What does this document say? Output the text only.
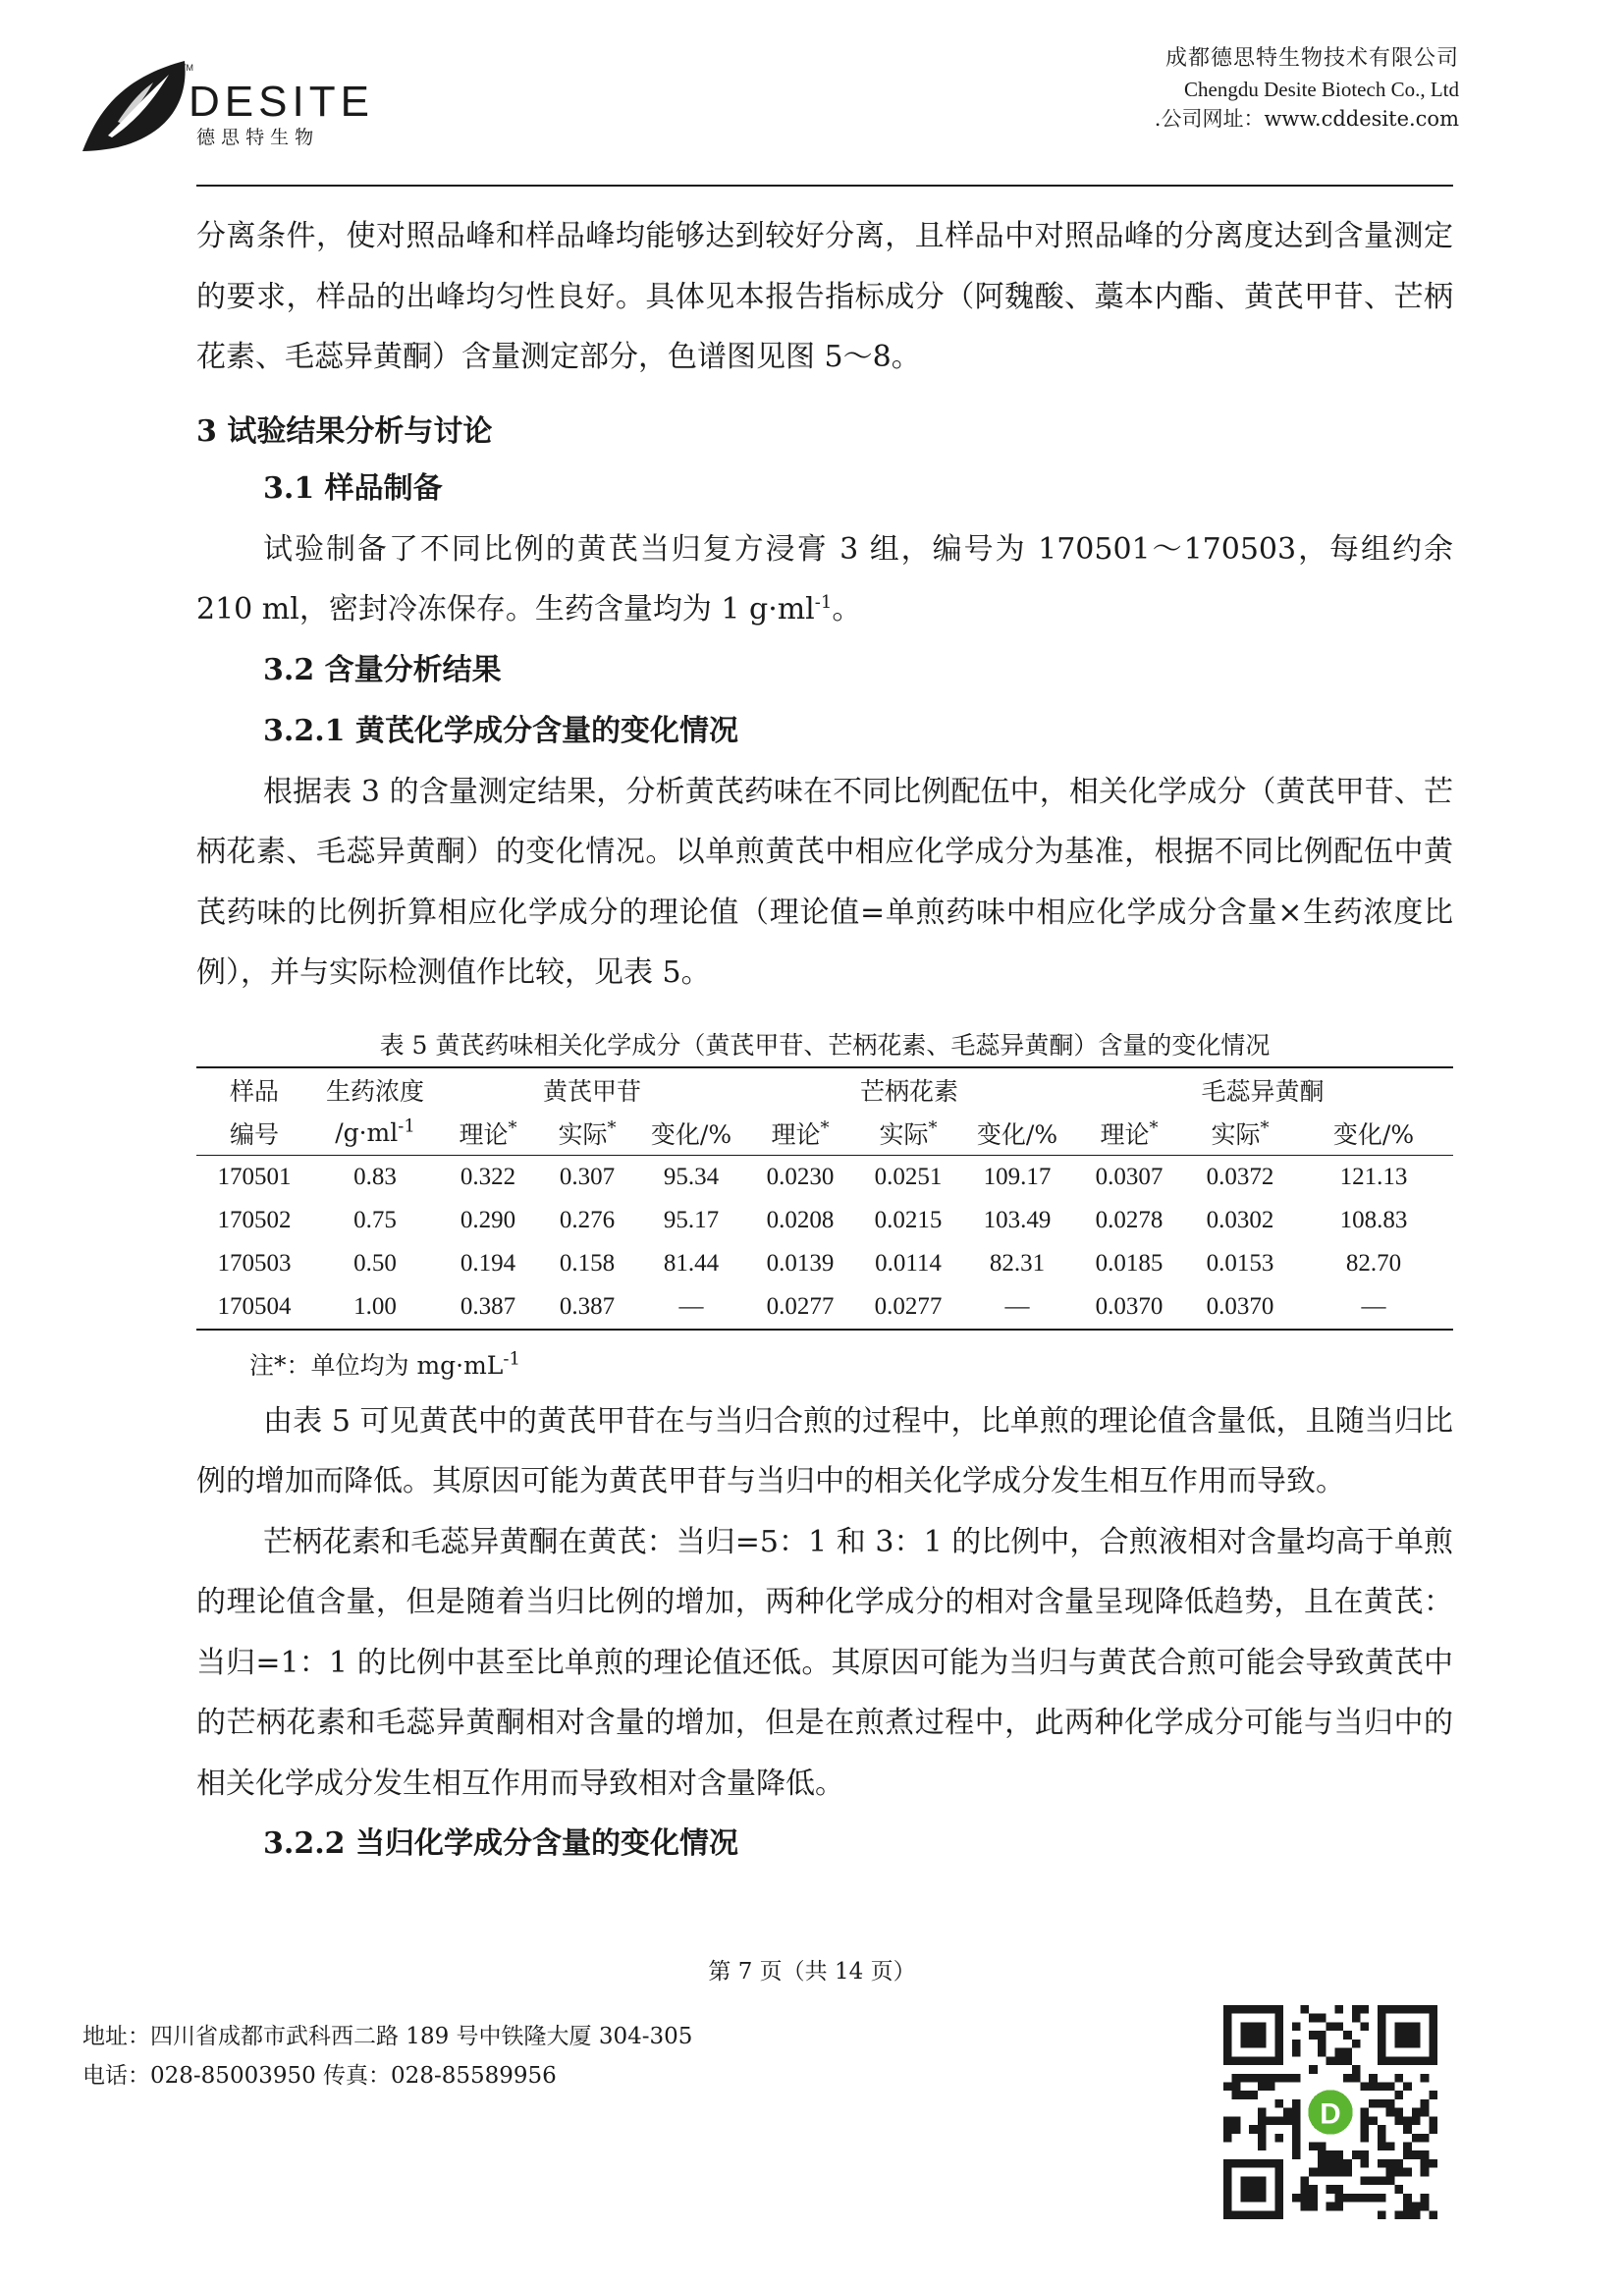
DESITE
TM
德 思 特 生 物
成都德思特生物技术有限公司
Chengdu Desite Biotech Co., Ltd
.公司网址：www.cddesite.com

分离条件，使对照品峰和样品峰均能够达到较好分离，且样品中对照品峰的分离度达到含量测定的要求，样品的出峰均匀性良好。具体见本报告指标成分（阿魏酸、藁本内酯、黄芪甲苷、芒柄花素、毛蕊异黄酮）含量测定部分，色谱图见图 5～8。

3 试验结果分析与讨论
3.1 样品制备

试验制备了不同比例的黄芪当归复方浸膏 3 组，编号为 170501～170503，每组约余 210 ml，密封冷冻保存。生药含量均为 1 $g\cdot ml^{-1}$。

3.2 含量分析结果
3.2.1 黄芪化学成分含量的变化情况

根据表 3 的含量测定结果，分析黄芪药味在不同比例配伍中，相关化学成分（黄芪甲苷、芒柄花素、毛蕊异黄酮）的变化情况。以单煎黄芪中相应化学成分为基准，根据不同比例配伍中黄芪药味的比例折算相应化学成分的理论值（理论值=单煎药味中相应化学成分含量×生药浓度比例），并与实际检测值作比较，见表 5。

表 5 黄芪药味相关化学成分（黄芪甲苷、芒柄花素、毛蕊异黄酮）含量的变化情况
样品	生药浓度	黄芪甲苷			芒柄花素			毛蕊异黄酮		
编号	$/g\cdot ml^{-1}$	理论*	实际*	变化/%	理论*	实际*	变化/%	理论*	实际*	变化/%
170501	0.83	0.322	0.307	95.34	0.0230	0.0251	109.17	0.0307	0.0372	121.13
170502	0.75	0.290	0.276	95.17	0.0208	0.0215	103.49	0.0278	0.0302	108.83
170503	0.50	0.194	0.158	81.44	0.0139	0.0114	82.31	0.0185	0.0153	82.70
170504	1.00	0.387	0.387	—	0.0277	0.0277	—	0.0370	0.0370	—
注*：单位均为 $mg\cdot mL^{-1}$

由表 5 可见黄芪中的黄芪甲苷在与当归合煎的过程中，比单煎的理论值含量低，且随当归比例的增加而降低。其原因可能为黄芪甲苷与当归中的相关化学成分发生相互作用而导致。

芒柄花素和毛蕊异黄酮在黄芪：当归=5：1 和 3：1 的比例中，合煎液相对含量均高于单煎的理论值含量，但是随着当归比例的增加，两种化学成分的相对含量呈现降低趋势，且在黄芪：当归=1：1 的比例中甚至比单煎的理论值还低。其原因可能为当归与黄芪合煎可能会导致黄芪中的芒柄花素和毛蕊异黄酮相对含量的增加，但是在煎煮过程中，此两种化学成分可能与当归中的相关化学成分发生相互作用而导致相对含量降低。

3.2.2 当归化学成分含量的变化情况
第 7 页（共 14 页）
地址：四川省成都市武科西二路 189 号中铁隆大厦 304-305
电话：028-85003950 传真：028-85589956
D
